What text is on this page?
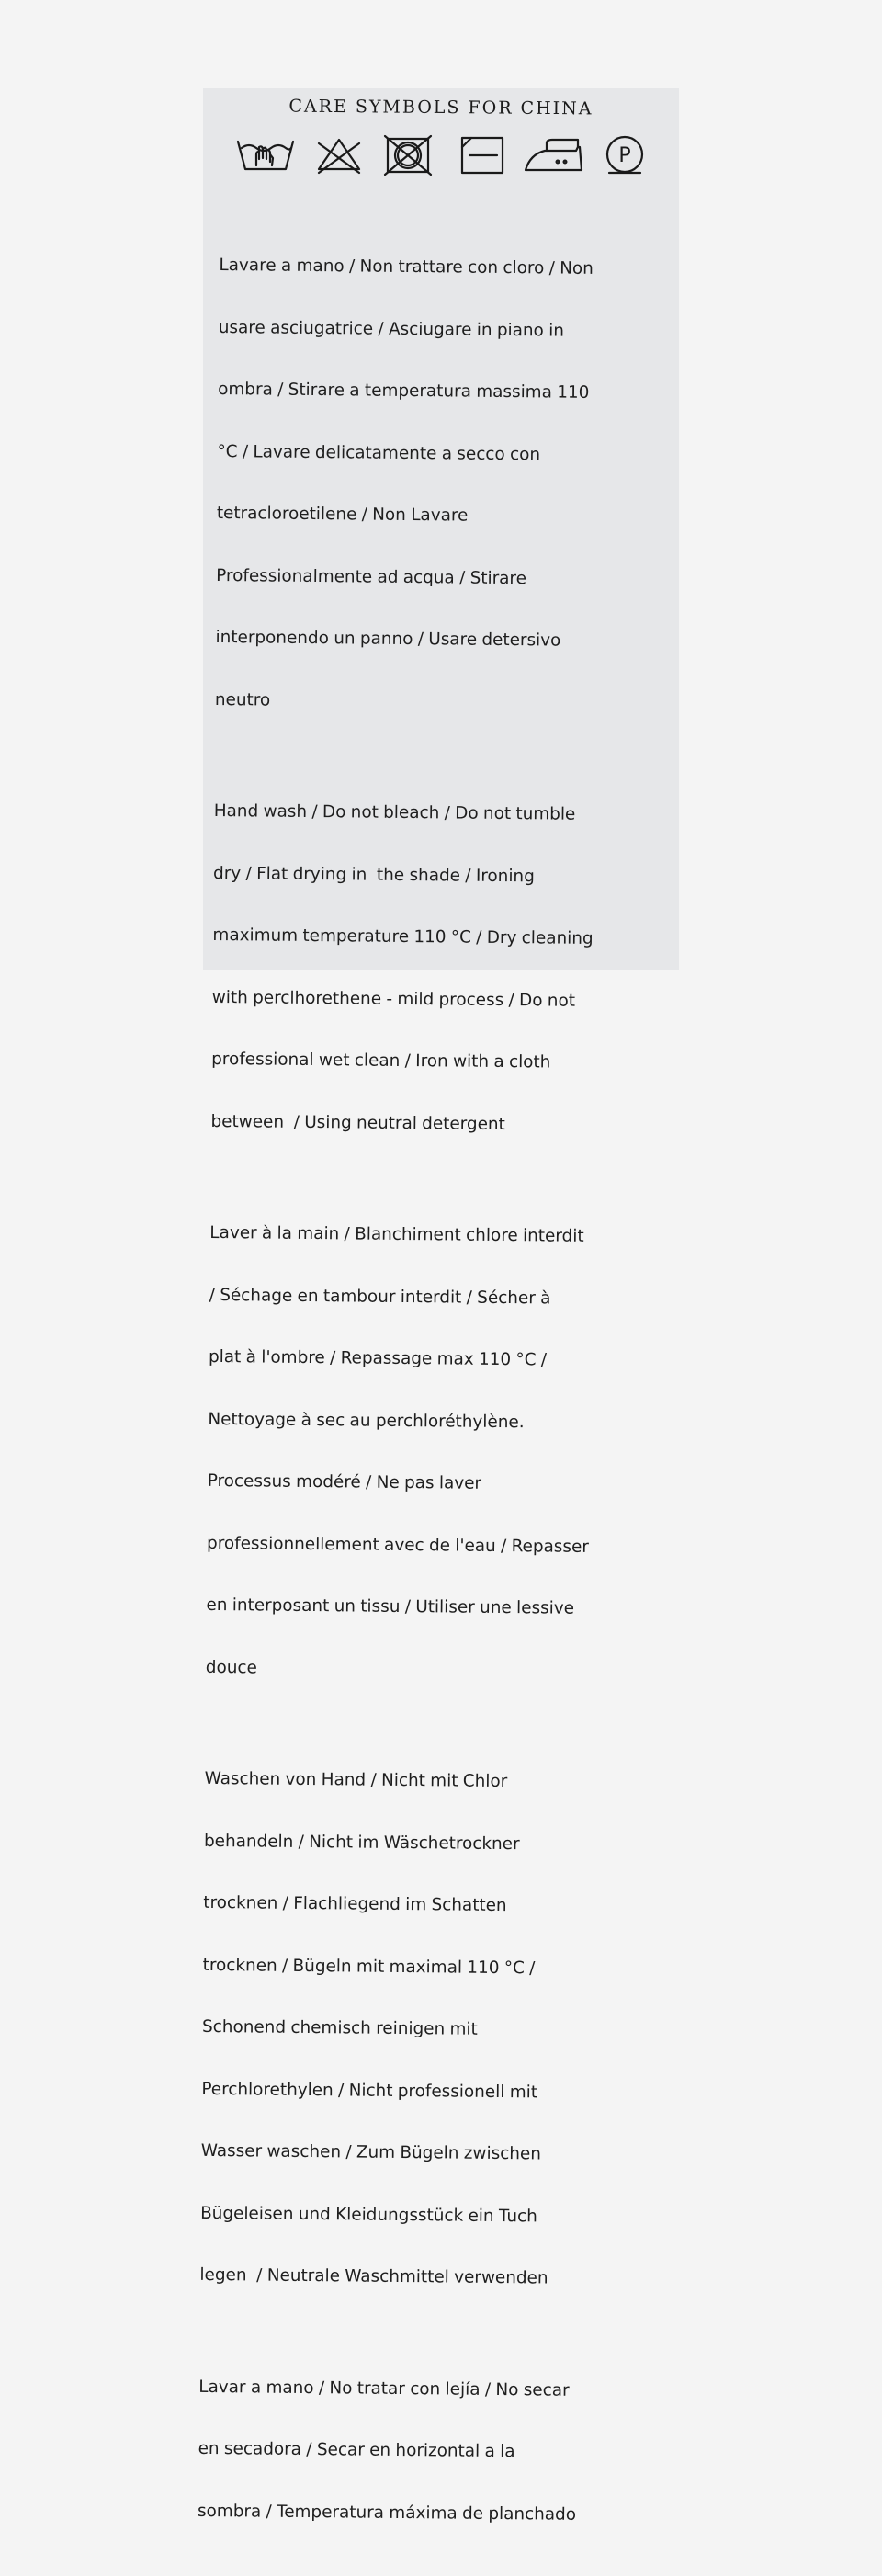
CARE SYMBOLS FOR CHINA
P

Lavare a mano / Non trattare con cloro / Non

usare asciugatrice / Asciugare in piano in

ombra / Stirare a temperatura massima 110

°C / Lavare delicatamente a secco con

tetracloroetilene / Non Lavare

Professionalmente ad acqua / Stirare

interponendo un panno / Usare detersivo

neutro

Hand wash / Do not bleach / Do not tumble

dry / Flat drying in  the shade / Ironing

maximum temperature 110 °C / Dry cleaning

with perclhorethene - mild process / Do not

professional wet clean / Iron with a cloth

between  / Using neutral detergent

Laver à la main / Blanchiment chlore interdit

/ Séchage en tambour interdit / Sécher à

plat à l'ombre / Repassage max 110 °C /

Nettoyage à sec au perchloréthylène.

Processus modéré / Ne pas laver

professionnellement avec de l'eau / Repasser

en interposant un tissu / Utiliser une lessive

douce

Waschen von Hand / Nicht mit Chlor

behandeln / Nicht im Wäschetrockner

trocknen / Flachliegend im Schatten

trocknen / Bügeln mit maximal 110 °C /

Schonend chemisch reinigen mit

Perchlorethylen / Nicht professionell mit

Wasser waschen / Zum Bügeln zwischen

Bügeleisen und Kleidungsstück ein Tuch

legen  / Neutrale Waschmittel verwenden

Lavar a mano / No tratar con lejía / No secar

en secadora / Secar en horizontal a la

sombra / Temperatura máxima de planchado
